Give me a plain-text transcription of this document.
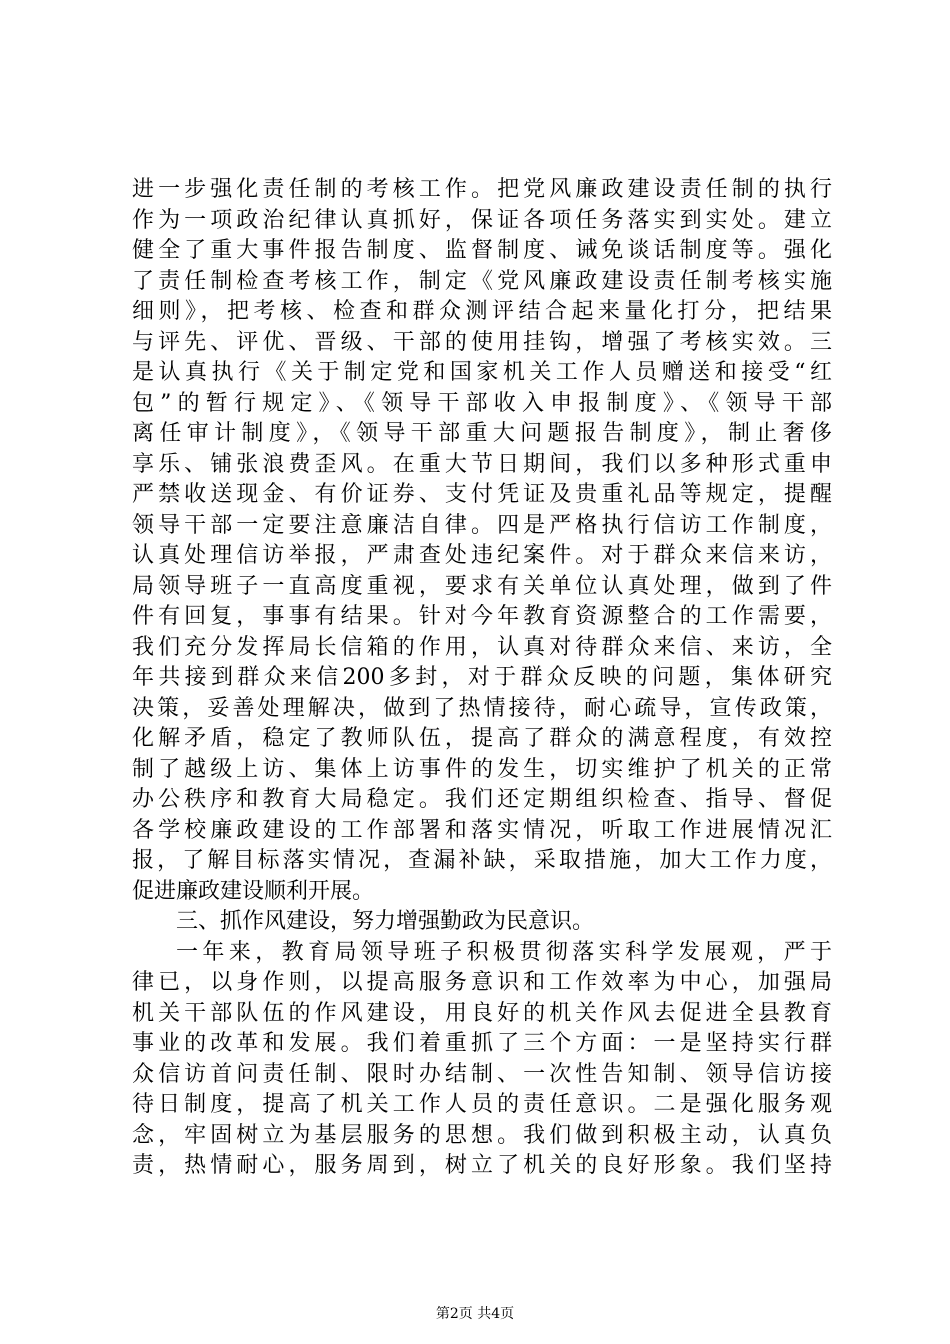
进一步强化责任制的考核工作。把党风廉政建设责任制的执行
作为一项政治纪律认真抓好，保证各项任务落实到实处。建立
健全了重大事件报告制度、监督制度、诫免谈话制度等。强化
了责任制检查考核工作，制定《党风廉政建设责任制考核实施
细则》，把考核、检查和群众测评结合起来量化打分，把结果
与评先、评优、晋级、干部的使用挂钩，增强了考核实效。三
是认真执行《关于制定党和国家机关工作人员赠送和接受“红
包”的暂行规定》、《领导干部收入申报制度》、《领导干部
离任审计制度》，《领导干部重大问题报告制度》，制止奢侈
享乐、铺张浪费歪风。在重大节日期间，我们以多种形式重申
严禁收送现金、有价证券、支付凭证及贵重礼品等规定，提醒
领导干部一定要注意廉洁自律。四是严格执行信访工作制度，
认真处理信访举报，严肃查处违纪案件。对于群众来信来访，
局领导班子一直高度重视，要求有关单位认真处理，做到了件
件有回复，事事有结果。针对今年教育资源整合的工作需要，
我们充分发挥局长信箱的作用，认真对待群众来信、来访，全
年共接到群众来信200多封，对于群众反映的问题，集体研究
决策，妥善处理解决，做到了热情接待，耐心疏导，宣传政策，
化解矛盾，稳定了教师队伍，提高了群众的满意程度，有效控
制了越级上访、集体上访事件的发生，切实维护了机关的正常
办公秩序和教育大局稳定。我们还定期组织检查、指导、督促
各学校廉政建设的工作部署和落实情况，听取工作进展情况汇
报，了解目标落实情况，查漏补缺，采取措施，加大工作力度，
促进廉政建设顺利开展。
三、抓作风建设，努力增强勤政为民意识。
一年来，教育局领导班子积极贯彻落实科学发展观，严于
律已，以身作则，以提高服务意识和工作效率为中心，加强局
机关干部队伍的作风建设，用良好的机关作风去促进全县教育
事业的改革和发展。我们着重抓了三个方面：一是坚持实行群
众信访首问责任制、限时办结制、一次性告知制、领导信访接
待日制度，提高了机关工作人员的责任意识。二是强化服务观
念，牢固树立为基层服务的思想。我们做到积极主动，认真负
责，热情耐心，服务周到，树立了机关的良好形象。我们坚持
第2页 共4页
